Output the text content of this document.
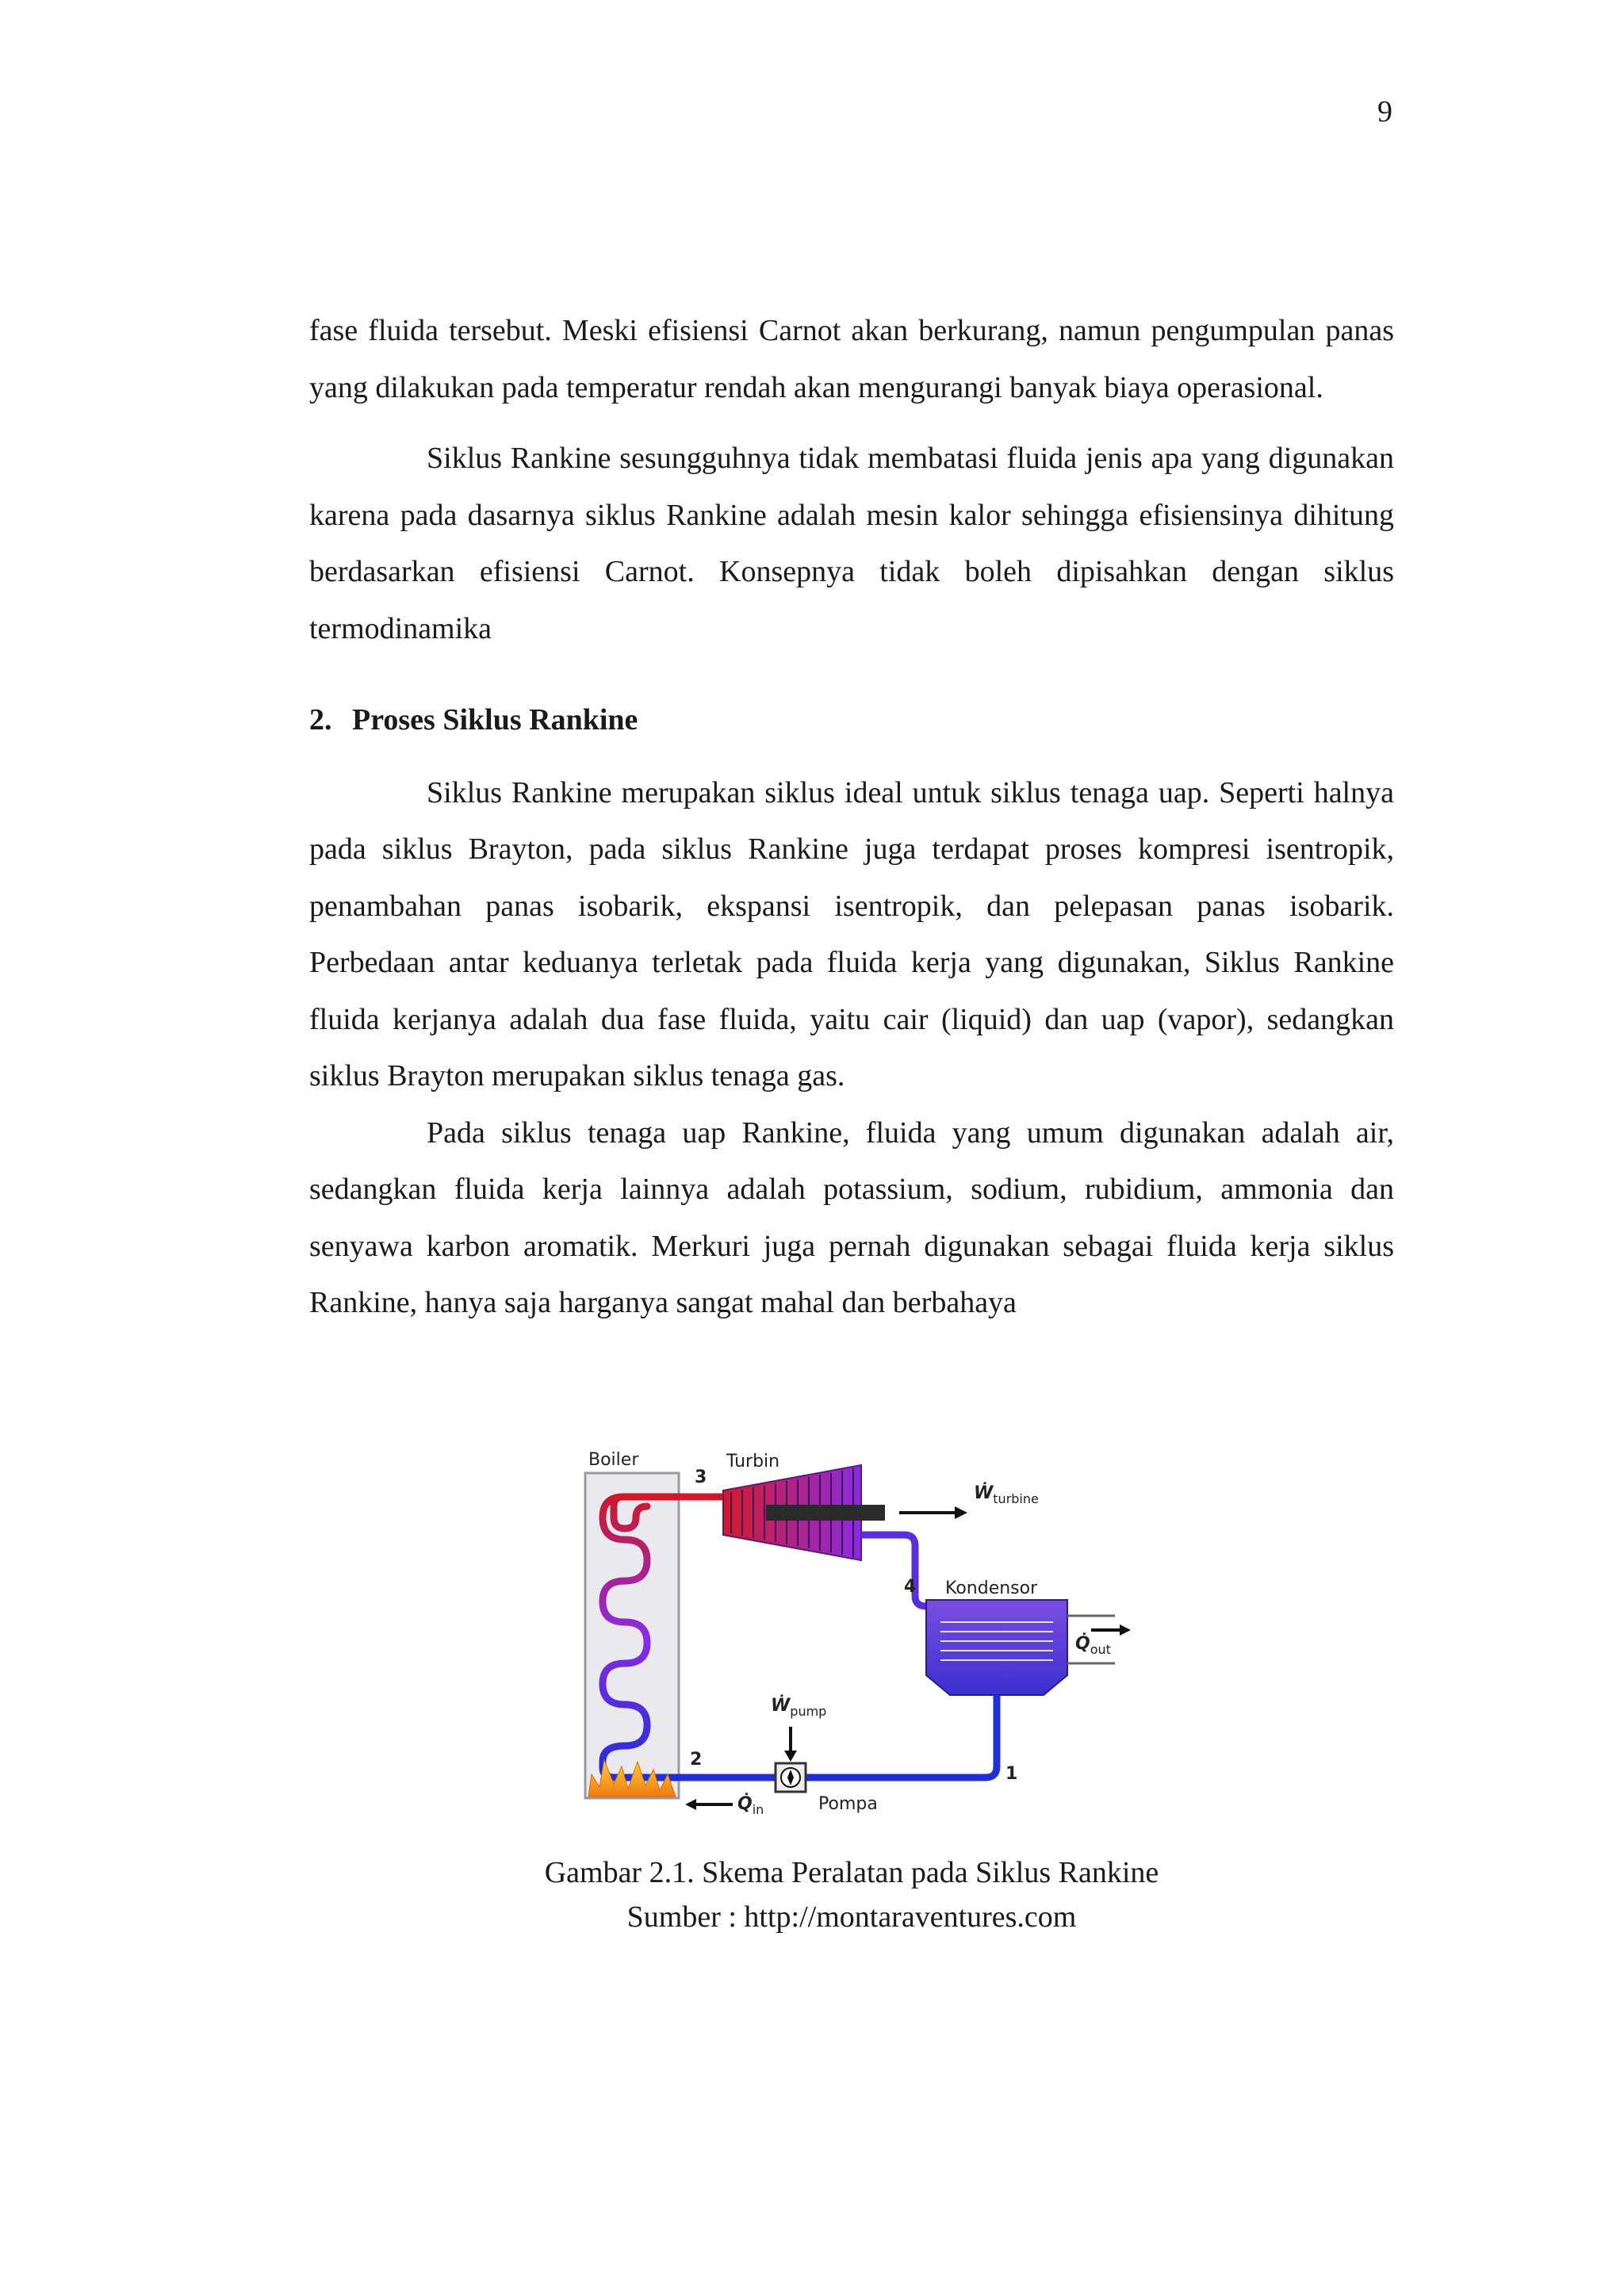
9

fase fluida tersebut. Meski efisiensi Carnot akan berkurang, namun pengumpulan panas yang dilakukan pada temperatur rendah akan mengurangi banyak biaya operasional.

Siklus Rankine sesungguhnya tidak membatasi fluida jenis apa yang digunakan karena pada dasarnya siklus Rankine adalah mesin kalor sehingga efisiensinya dihitung berdasarkan efisiensi Carnot. Konsepnya tidak boleh dipisahkan dengan siklus termodinamika

2. Proses Siklus Rankine

Siklus Rankine merupakan siklus ideal untuk siklus tenaga uap. Seperti halnya pada siklus Brayton, pada siklus Rankine juga terdapat proses kompresi isentropik, penambahan panas isobarik, ekspansi isentropik, dan pelepasan panas isobarik. Perbedaan antar keduanya terletak pada fluida kerja yang digunakan, Siklus Rankine fluida kerjanya adalah dua fase fluida, yaitu cair (liquid) dan uap (vapor), sedangkan siklus Brayton merupakan siklus tenaga gas.

Pada siklus tenaga uap Rankine, fluida yang umum digunakan adalah air, sedangkan fluida kerja lainnya adalah potassium, sodium, rubidium, ammonia dan senyawa karbon aromatik. Merkuri juga pernah digunakan sebagai fluida kerja siklus Rankine, hanya saja harganya sangat mahal dan berbahaya

Boiler	Turbin
Kondensor
Pompa
3
4
1
2
Ẇturbine
Ẇpump
Q̇out
Q̇in
Gambar 2.1. Skema Peralatan pada Siklus Rankine
Sumber : http://montaraventures.com
